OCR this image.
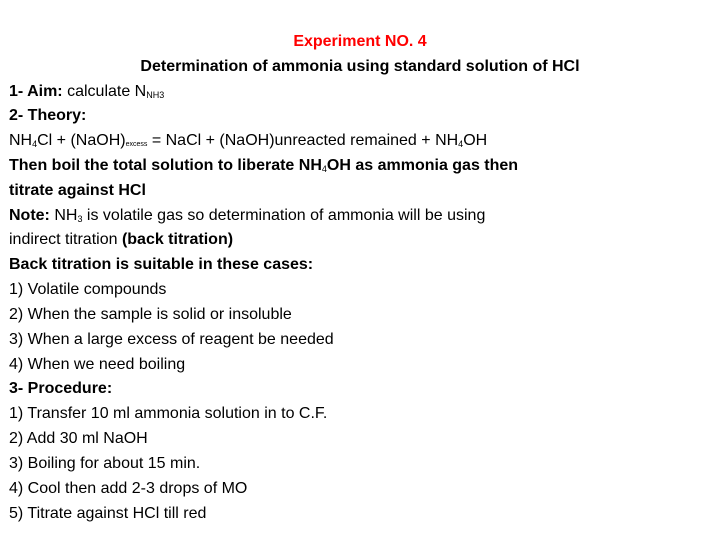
Experiment NO. 4
Determination of ammonia using standard solution of HCl
1- Aim: calculate NNH3
2- Theory:
NH4Cl + (NaOH)excess = NaCl + (NaOH)unreacted remained + NH4OH
Then boil the total solution to liberate NH4OH as ammonia gas then
titrate against HCl
Note: NH3 is volatile gas so determination of ammonia will be using
indirect titration (back titration)
Back titration is suitable in these cases:
1) Volatile compounds
2) When the sample is solid or insoluble
3) When a large excess of reagent be needed
4) When we need boiling
3- Procedure:
1) Transfer 10 ml ammonia solution in to C.F.
2) Add 30 ml NaOH
3) Boiling for about 15 min.
4) Cool then add 2-3 drops of MO
5) Titrate against HCl till red
